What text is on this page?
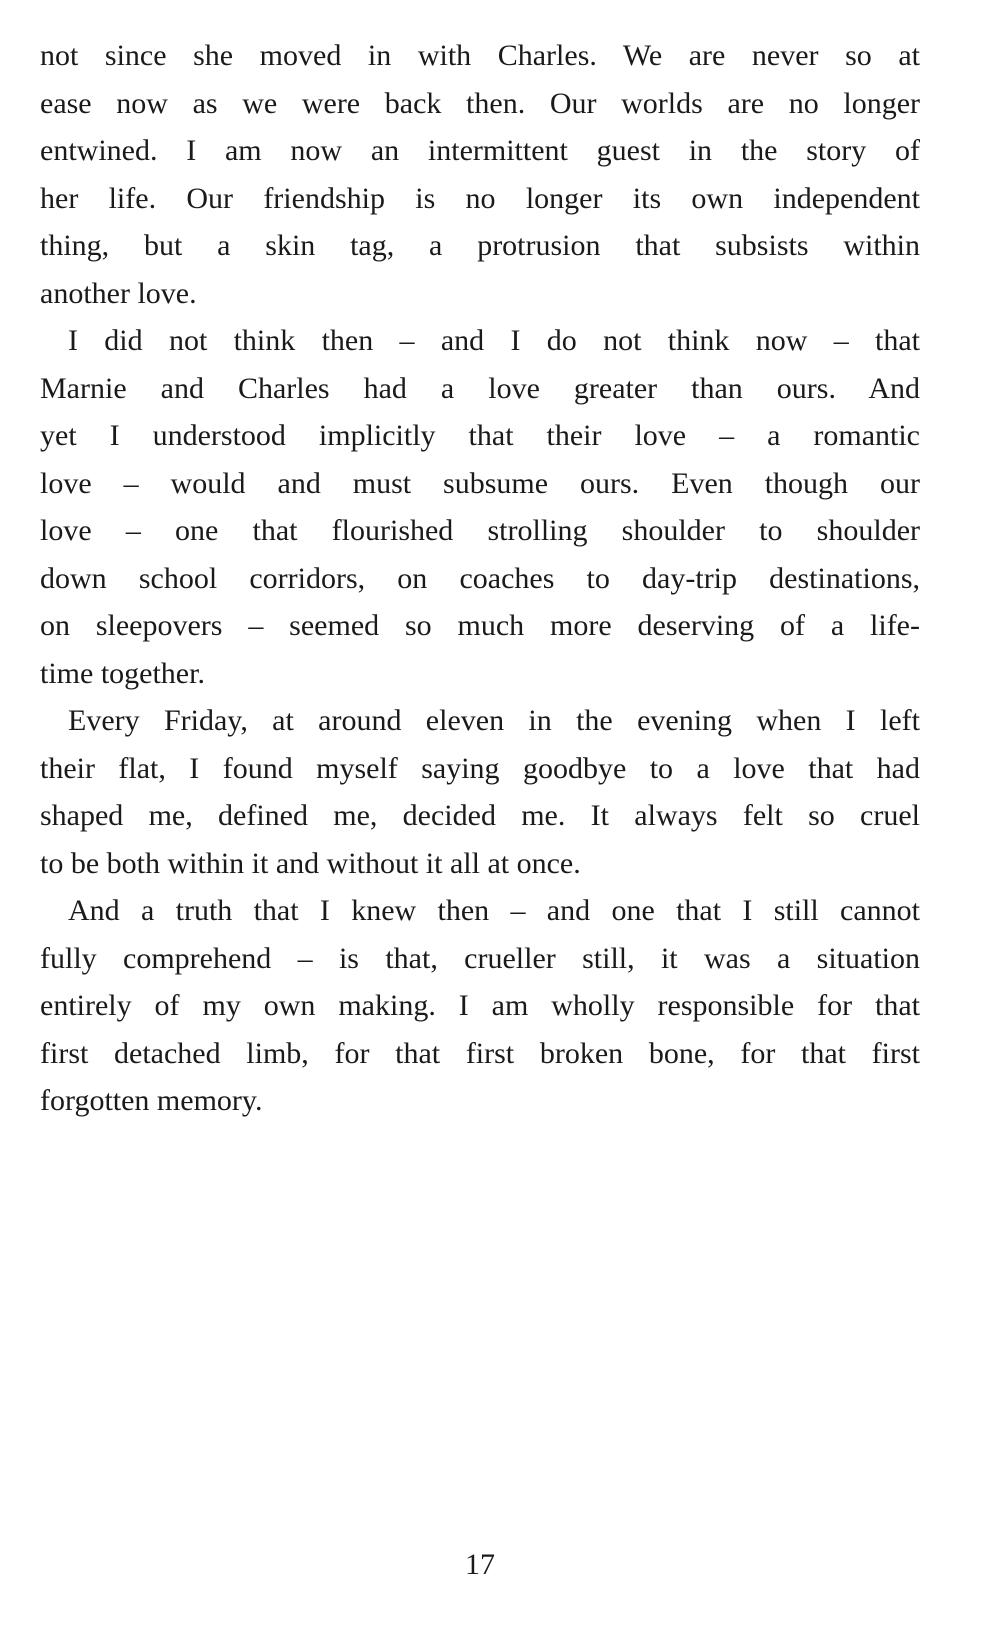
not since she moved in with Charles. We are never so at
ease now as we were back then. Our worlds are no longer
entwined. I am now an intermittent guest in the story of
her life. Our friendship is no longer its own independent
thing, but a skin tag, a protrusion that subsists within
another love.
I did not think then – and I do not think now – that
Marnie and Charles had a love greater than ours. And
yet I understood implicitly that their love – a romantic
love – would and must subsume ours. Even though our
love – one that flourished strolling shoulder to shoulder
down school corridors, on coaches to day-trip destinations,
on sleepovers – seemed so much more deserving of a life-
time together.
Every Friday, at around eleven in the evening when I left
their flat, I found myself saying goodbye to a love that had
shaped me, defined me, decided me. It always felt so cruel
to be both within it and without it all at once.
And a truth that I knew then – and one that I still cannot
fully comprehend – is that, crueller still, it was a situation
entirely of my own making. I am wholly responsible for that
first detached limb, for that first broken bone, for that first
forgotten memory.
17
